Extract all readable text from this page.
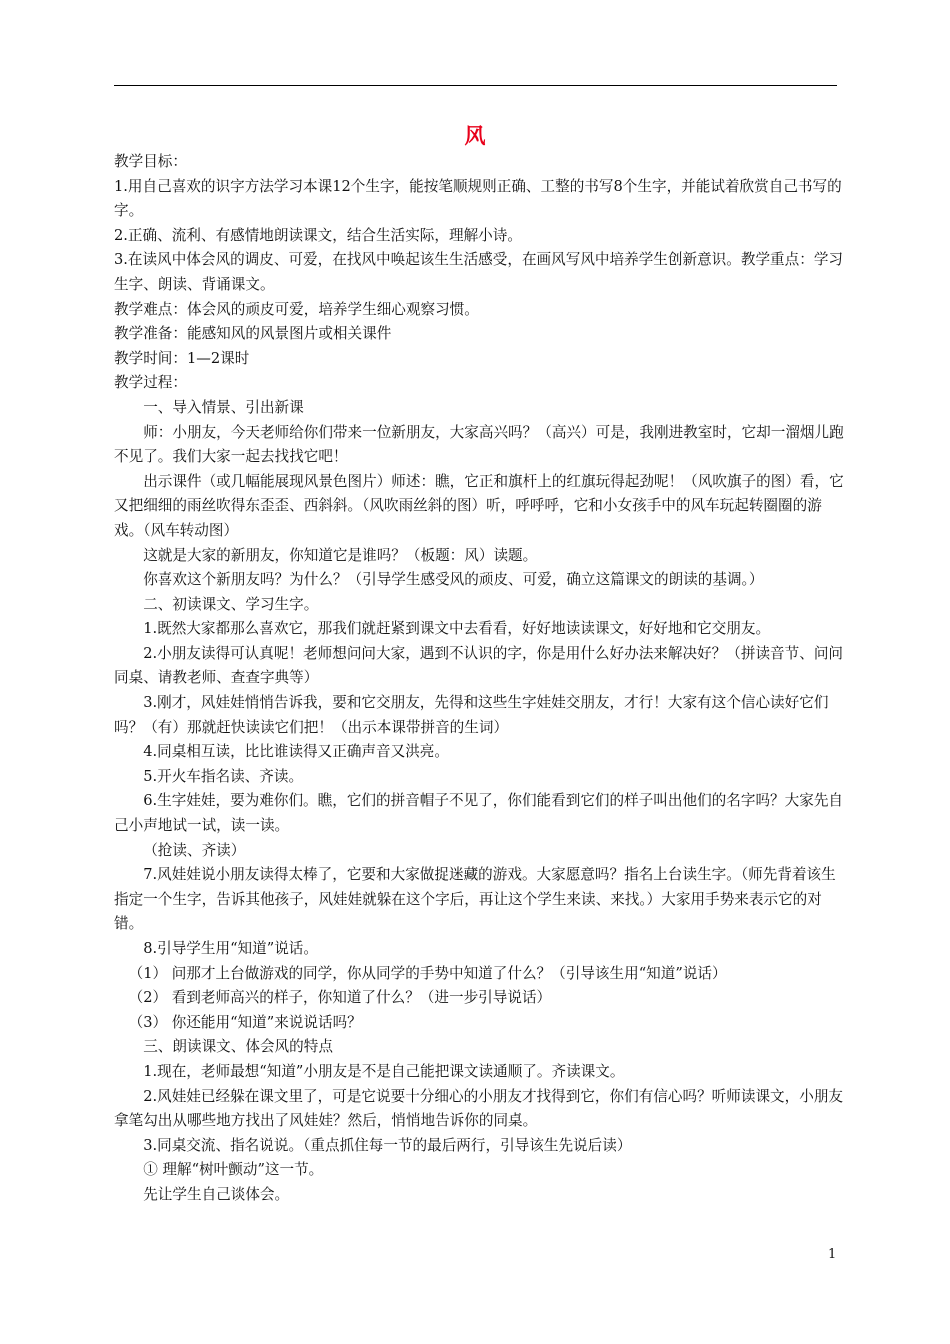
风

教学目标：

1.用自己喜欢的识字方法学习本课12个生字，能按笔顺规则正确、工整的书写8个生字，并能试着欣赏自己书写的字。

2.正确、流利、有感情地朗读课文，结合生活实际，理解小诗。

3.在读风中体会风的调皮、可爱，在找风中唤起该生生活感受，在画风写风中培养学生创新意识。教学重点：学习生字、朗读、背诵课文。

教学难点：体会风的顽皮可爱，培养学生细心观察习惯。

教学准备：能感知风的风景图片或相关课件

教学时间：1—2课时

教学过程：

一、导入情景、引出新课

师：小朋友，今天老师给你们带来一位新朋友，大家高兴吗？（高兴）可是，我刚进教室时，它却一溜烟儿跑不见了。我们大家一起去找找它吧！

出示课件（或几幅能展现风景色图片）师述：瞧，它正和旗杆上的红旗玩得起劲呢！（风吹旗子的图）看，它又把细细的雨丝吹得东歪歪、西斜斜。（风吹雨丝斜的图）听，呼呼呼，它和小女孩手中的风车玩起转圈圈的游戏。（风车转动图）

这就是大家的新朋友，你知道它是谁吗？（板题：风）读题。

你喜欢这个新朋友吗？为什么？（引导学生感受风的顽皮、可爱，确立这篇课文的朗读的基调。）

二、初读课文、学习生字。

1.既然大家都那么喜欢它，那我们就赶紧到课文中去看看，好好地读读课文，好好地和它交朋友。

2.小朋友读得可认真呢！老师想问问大家，遇到不认识的字，你是用什么好办法来解决好？（拼读音节、问问同桌、请教老师、查查字典等）

3.刚才，风娃娃悄悄告诉我，要和它交朋友，先得和这些生字娃娃交朋友，才行！大家有这个信心读好它们吗？（有）那就赶快读读它们把！（出示本课带拼音的生词）

4.同桌相互读，比比谁读得又正确声音又洪亮。

5.开火车指名读、齐读。

6.生字娃娃，要为难你们。瞧，它们的拼音帽子不见了，你们能看到它们的样子叫出他们的名字吗？大家先自己小声地试一试，读一读。

（抢读、齐读）

7.风娃娃说小朋友读得太棒了，它要和大家做捉迷藏的游戏。大家愿意吗？指名上台读生字。（师先背着该生指定一个生字，告诉其他孩子，风娃娃就躲在这个字后，再让这个学生来读、来找。）大家用手势来表示它的对错。

8.引导学生用“知道”说话。

（1） 问那才上台做游戏的同学，你从同学的手势中知道了什么？（引导该生用“知道”说话）

（2） 看到老师高兴的样子，你知道了什么？（进一步引导说话）

（3） 你还能用“知道”来说说话吗？

三、朗读课文、体会风的特点

1.现在，老师最想“知道”小朋友是不是自己能把课文读通顺了。齐读课文。

2.风娃娃已经躲在课文里了，可是它说要十分细心的小朋友才找得到它，你们有信心吗？听师读课文，小朋友拿笔勾出从哪些地方找出了风娃娃？然后，悄悄地告诉你的同桌。

3.同桌交流、指名说说。（重点抓住每一节的最后两行，引导该生先说后读）

① 理解“树叶颤动”这一节。

先让学生自己谈体会。

1
